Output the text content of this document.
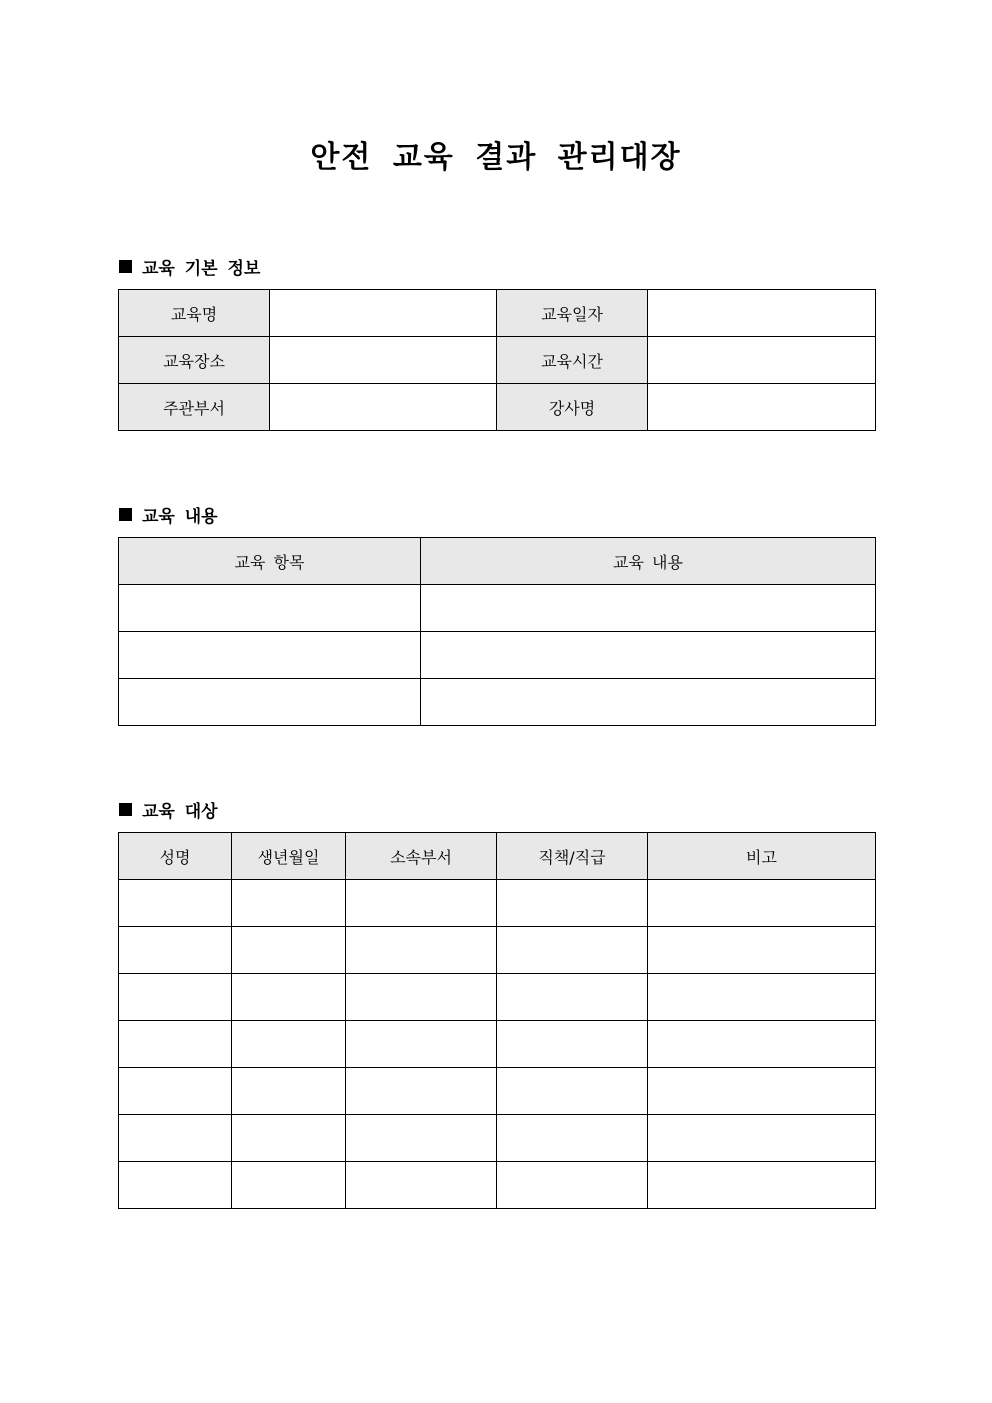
안전 교육 결과 관리대장
교육 기본 정보
교육명		교육일자	
교육장소		교육시간	
주관부서		강사명	
교육 내용
교육 항목	교육 내용

교육 대상
성명	생년월일	소속부서	직책/직급	비고
